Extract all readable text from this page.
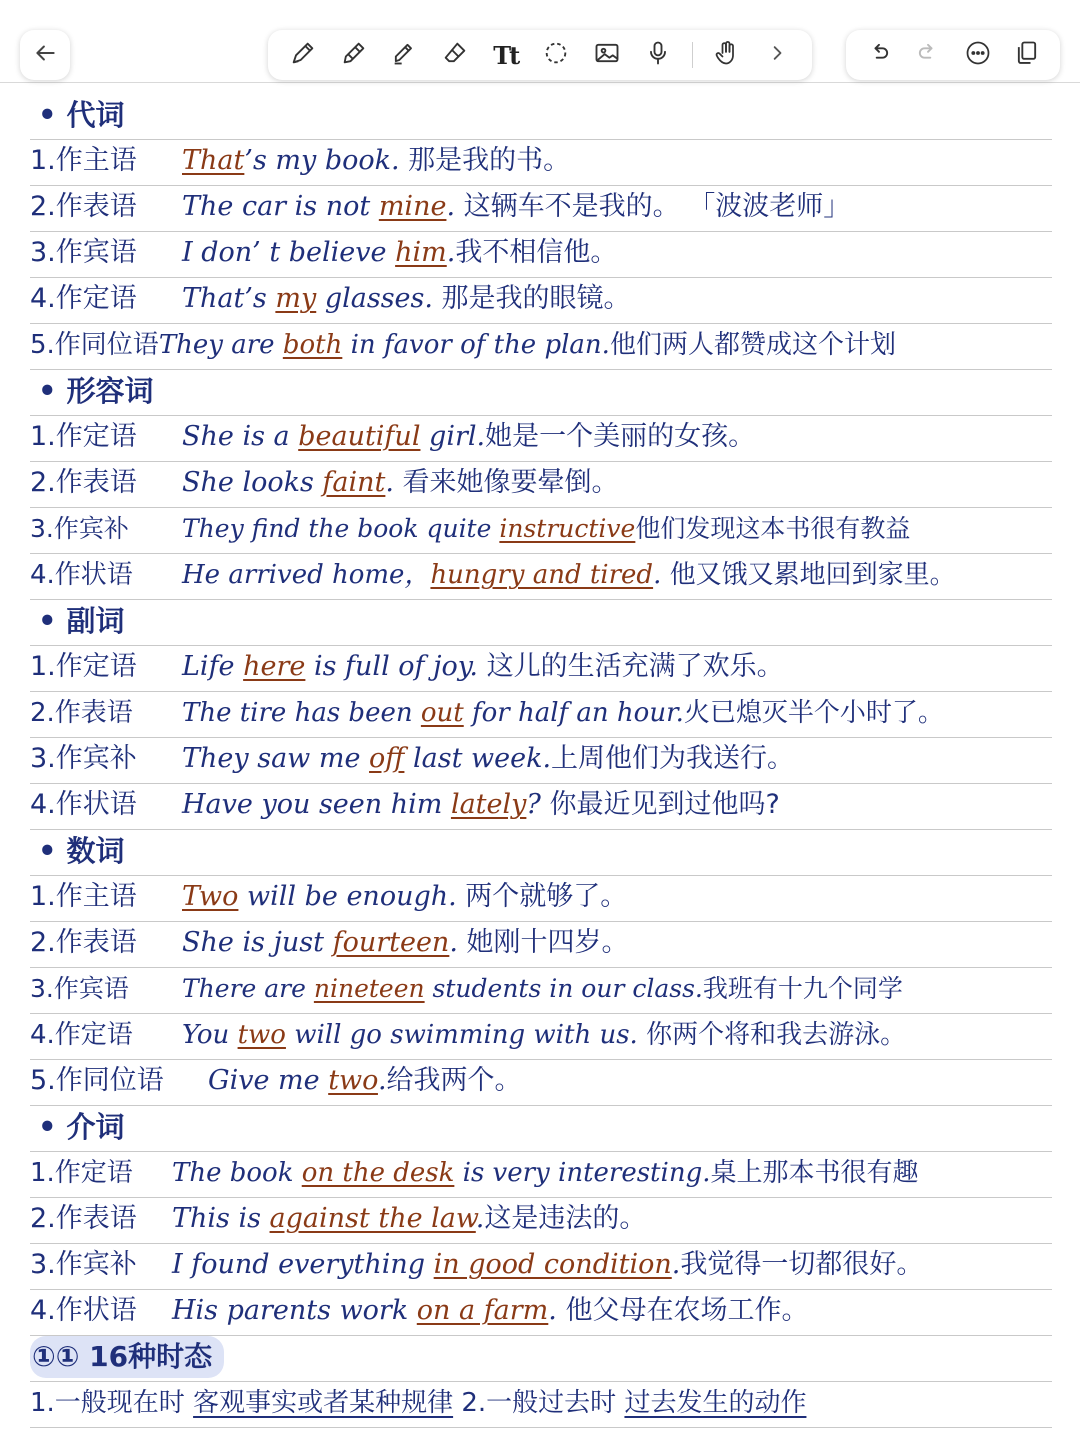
Tt
• 代词
1.作主语 That’s my book. 那是我的书。
2.作表语 The car is not mine. 这辆车不是我的。 「波波老师」
3.作宾语 I don’ t believe him.我不相信他。
4.作定语 That’s my glasses. 那是我的眼镜。
5.作同位语They are both in favor of the plan.他们两人都赞成这个计划
• 形容词
1.作定语 She is a beautiful girl.她是一个美丽的女孩。
2.作表语 She looks faint. 看来她像要晕倒。
3.作宾补 They find the book quite instructive他们发现这本书很有教益
4.作状语 He arrived home，hungry and tired. 他又饿又累地回到家里。
• 副词
1.作定语 Life here is full of joy. 这儿的生活充满了欢乐。
2.作表语 The tire has been out for half an hour.火已熄灭半个小时了。
3.作宾补 They saw me off last week.上周他们为我送行。
4.作状语 Have you seen him lately? 你最近见到过他吗?
• 数词
1.作主语 Two will be enough. 两个就够了。
2.作表语 She is just fourteen. 她刚十四岁。
3.作宾语 There are nineteen students in our class.我班有十九个同学
4.作定语 You two will go swimming with us. 你两个将和我去游泳。
5.作同位语 Give me two.给我两个。
• 介词
1.作定语 The book on the desk is very interesting.桌上那本书很有趣
2.作表语 This is against the law.这是违法的。
3.作宾补 I found everything in good condition.我觉得一切都很好。
4.作状语 His parents work on a farm. 他父母在农场工作。
①① 16种时态
1.一般现在时 客观事实或者某种规律 2.一般过去时 过去发生的动作
